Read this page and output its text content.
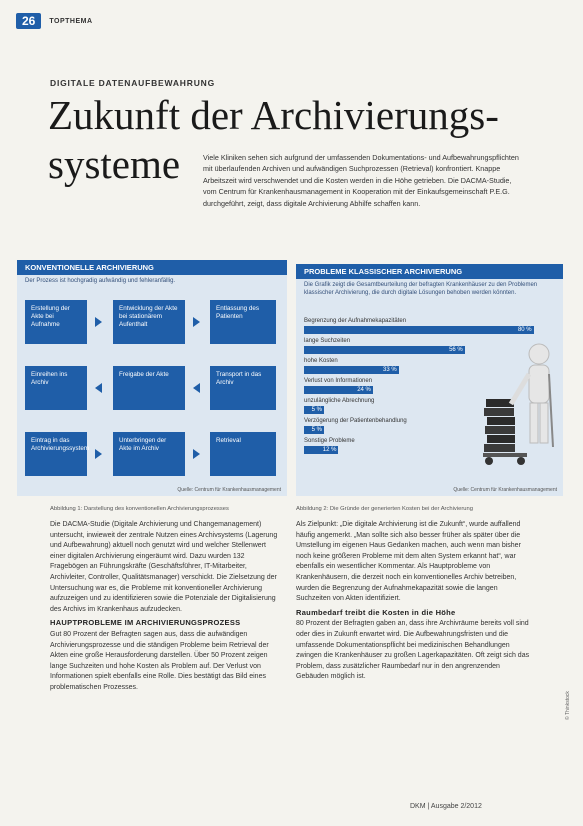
26	TOPTHEMA
DIGITALE DATENAUFBEWAHRUNG
Zukunft der Archivierungs-
systeme	Viele Kliniken sehen sich aufgrund der umfassenden Dokumentations- und Aufbewahrungspflichten mit überlaufenden Archiven und aufwändigen Suchprozessen (Retrieval) konfrontiert. Knappe Arbeitszeit wird verschwendet und die Kosten werden in die Höhe getrieben. Die DACMA-Studie, vom Centrum für Krankenhausmanagement in Kooperation mit der Einkaufsgemeinschaft P.E.G. durchgeführt, zeigt, dass digitale Archivierung Abhilfe schaffen kann.
KONVENTIONELLE ARCHIVIERUNG
Der Prozess ist hochgradig aufwändig und fehleranfällig.
Erstellung der Akte bei Aufnahme
Entwicklung der Akte bei stationärem Aufenthalt
Entlassung des Patienten
Einreihen ins Archiv
Freigabe der Akte	Transport in das Archiv
Eintrag in das Archivierungssystem
Unterbringen der Akte im Archiv
Retrieval
Quelle: Centrum für Krankenhausmanagement
PROBLEME KLASSISCHER ARCHIVIERUNG
Die Grafik zeigt die Gesamtbeurteilung der befragten Krankenhäuser zu den Problemen klassischer Archivierung, die durch digitale Lösungen behoben werden könnten.
Begrenzung der Aufnahmekapazitäten
80 %
lange Suchzeiten
56 %
hohe Kosten
33 %
Verlust von Informationen
24 %
unzulängliche Abrechnung
5 %
Verzögerung der Patientenbehandlung
5 %
Sonstige Probleme
12 %
Quelle: Centrum für Krankenhausmanagement
Abbildung 1: Darstellung des konventionellen Archivierungsprozesses	Abbildung 2: Die Gründe der generierten Kosten bei der Archivierung

Die DACMA-Studie (Digitale Archivierung und Changemanagement) untersucht, inwieweit der zentrale Nutzen eines Archivsystems (Lagerung und Aufbewahrung) aktuell noch genutzt wird und welcher Stellenwert einer digitalen Archivierung eingeräumt wird. Dazu wurden 132 Fragebögen an Führungskräfte (Geschäftsführer, IT-Mitarbeiter, Archivleiter, Controller, Qualitätsmanager) verschickt. Die Zielsetzung der Untersuchung war es, die Probleme mit konventioneller Archivierung aufzuzeigen und zu identifizieren sowie die Potenziale der Digitalisierung des Archivs im Krankenhaus aufzudecken.

HAUPTPROBLEME IM ARCHIVIERUNGSPROZESS

Gut 80 Prozent der Befragten sagen aus, dass die aufwändigen Archivierungsprozesse und die ständigen Probleme beim Retrieval der Akten eine große Herausforderung darstellen. Über 50 Prozent zeigen lange Suchzeiten und hohe Kosten als Problem auf. Der Verlust von Informationen spielt ebenfalls eine Rolle. Dies bestätigt das Bild eines problematischen Prozesses.

Als Zielpunkt: „Die digitale Archivierung ist die Zukunft“, wurde auffallend häufig angemerkt. „Man sollte sich also besser früher als später über die Umstellung im eigenen Haus Gedanken machen, auch wenn man bisher noch keine größeren Probleme mit dem alten System erkannt hat“, war ebenfalls ein wesentlicher Kommentar. Als Hauptprobleme von Krankenhäusern, die derzeit noch ein konventionelles Archiv betreiben, wurden die Begrenzung der Aufnahmekapazität sowie die langen Suchzeiten von Akten identifiziert.

Raumbedarf treibt die Kosten in die Höhe

80 Prozent der Befragten gaben an, dass ihre Archivräume bereits voll sind oder dies in Zukunft erwartet wird. Die Aufbewahrungsfristen und die umfassende Dokumentationspflicht bei medizinischen Behandlungen zwingen die Krankenhäuser zu großen Lagerkapazitäten. Oft zeigt sich das Problem, dass zusätzlicher Raumbedarf nur in den angrenzenden Gebäuden möglich ist.

DKM | Ausgabe 2/2012
© Thinkstock
